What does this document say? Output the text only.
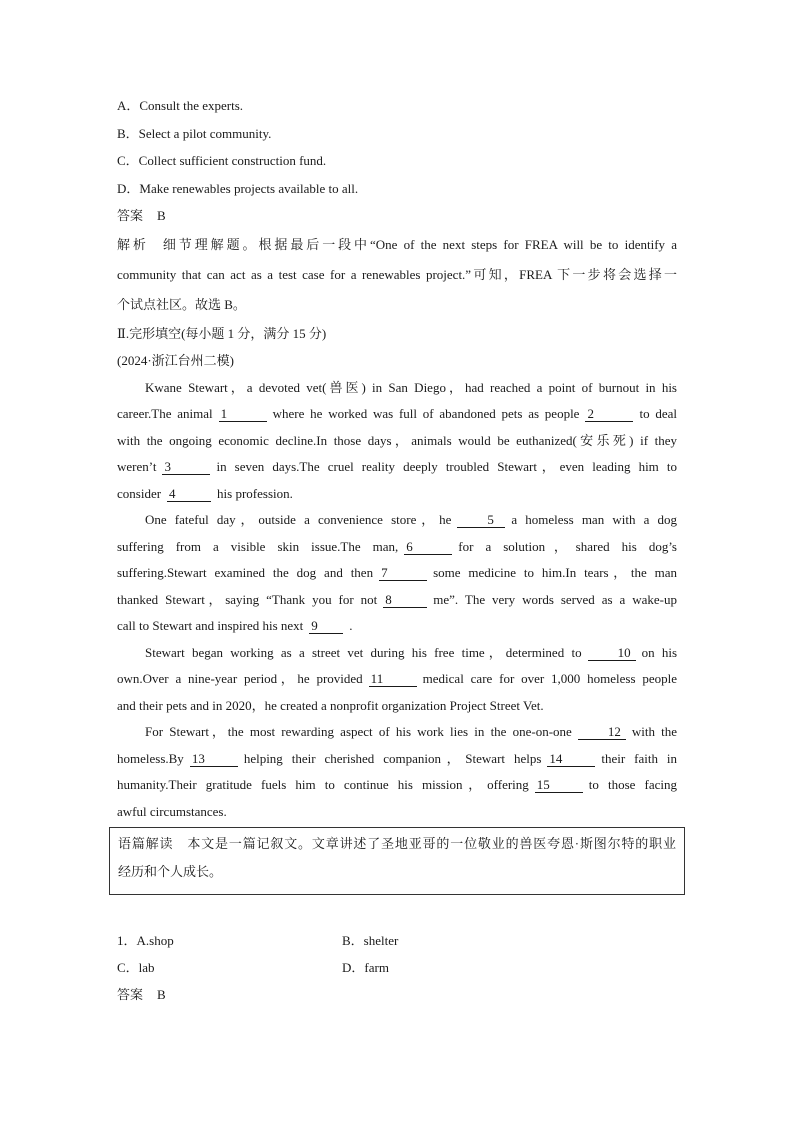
A．Consult the experts.
B．Select a pilot community.
C．Collect sufficient construction fund.
D．Make renewables projects available to all.
答案 B
解析 细节理解题。根据最后一段中“One of the next steps for FREA will be to identify a
community that can act as a test case for a renewables project.”可知，FREA 下一步将会选择一
个试点社区。故选 B。
Ⅱ.完形填空(每小题 1 分，满分 15 分)
(2024·浙江台州二模)
Kwane Stewart，a devoted vet(兽医) in San Diego，had reached a point of burnout in his
career.The animal 1	where he worked was full of abandoned pets as people 2	to deal
with the ongoing economic decline.In those days，animals would be euthanized(安乐死) if they
weren’t 3	in seven days.The cruel reality deeply troubled Stewart，even leading him to
consider 4	his profession.
One fateful day，outside a convenience store，he	5 a homeless man with a dog
suffering from a visible skin issue.The man, 6	for a solution，shared his dog’s
suffering.Stewart examined the dog and then 7	some medicine to him.In tears，the man
thanked Stewart，saying “Thank you for not 8	me”. The very words served as a wake-up
call to Stewart and inspired his next 9 .
Stewart began working as a street vet during his free time，determined to	10 on his
own.Over a nine-year period，he provided 11	medical care for over 1,000 homeless people
and their pets and in 2020，he created a nonprofit organization Project Street Vet.
For Stewart，the most rewarding aspect of his work lies in the one-on-one	12 with the
homeless.By 13	helping their cherished companion，Stewart helps 14	their faith in
humanity.Their gratitude fuels him to continue his mission，offering 15	to those facing
awful circumstances.
语篇解读 本文是一篇记叙文。文章讲述了圣地亚哥的一位敬业的兽医夸恩·斯图尔特的职业
经历和个人成长。
1．A.shop	B．shelter
C．lab	D．farm
答案 B
